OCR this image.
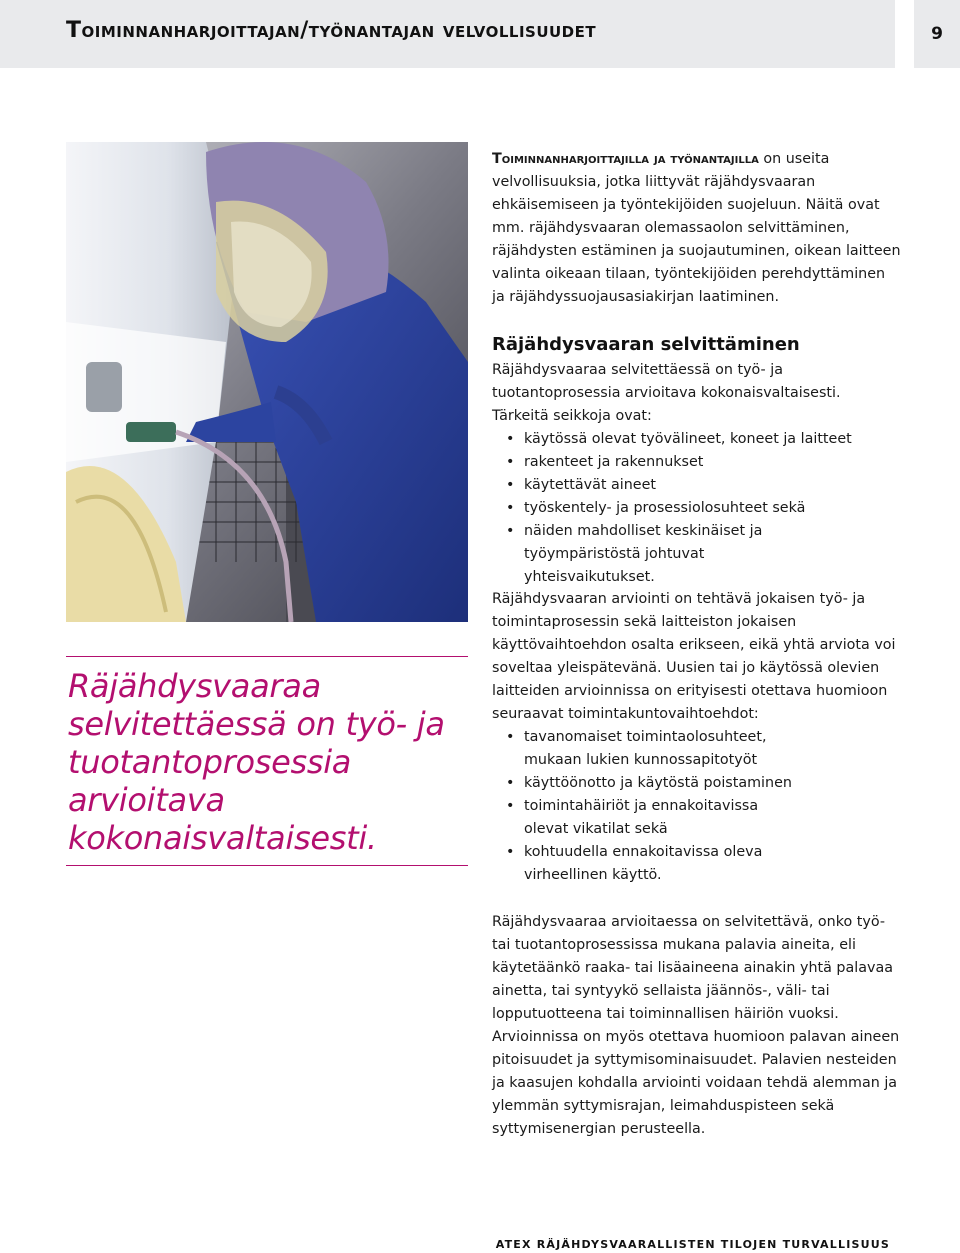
Toiminnanharjoittajan/työnantajan velvollisuudet	9
Räjähdysvaaraa selvitettäessä on työ- ja tuotantoprosessia arvioitava kokonaisvaltaisesti.

Toiminnanharjoittajilla ja työnantajilla on useita velvollisuuksia, jotka liittyvät räjähdysvaaran ehkäisemiseen ja työntekijöiden suojeluun. Näitä ovat mm. räjähdysvaaran olemassaolon selvittäminen, räjähdysten estäminen ja suojautuminen, oikean laitteen valinta oikeaan tilaan, työntekijöiden perehdyttäminen ja räjähdyssuojausasiakirjan laatiminen.

Räjähdysvaaran selvittäminen

Räjähdysvaaraa selvitettäessä on työ- ja tuotantoprosessia arvioitava kokonaisvaltaisesti.

Tärkeitä seikkoja ovat:

• käytössä olevat työvälineet, koneet ja laitteet
• rakenteet ja rakennukset
• käytettävät aineet
• työskentely- ja prosessiolosuhteet sekä
• näiden mahdolliset keskinäiset ja työympäristöstä johtuvat yhteisvaikutukset.

Räjähdysvaaran arviointi on tehtävä jokaisen työ- ja toimintaprosessin sekä laitteiston jokaisen käyttövaihtoehdon osalta erikseen, eikä yhtä arviota voi soveltaa yleispätevänä. Uusien tai jo käytössä olevien laitteiden arvioinnissa on erityisesti otettava huomioon seuraavat toimintakuntovaihtoehdot:

• tavanomaiset toimintaolosuhteet, mukaan lukien kunnossapitotyöt
• käyttöönotto ja käytöstä poistaminen
• toimintahäiriöt ja ennakoitavissa olevat vikatilat sekä
• kohtuudella ennakoitavissa oleva virheellinen käyttö.

Räjähdysvaaraa arvioitaessa on selvitettävä, onko työ- tai tuotantoprosessissa mukana palavia aineita, eli käytetäänkö raaka- tai lisäaineena ainakin yhtä palavaa ainetta, tai syntyykö sellaista jäännös-, väli- tai lopputuotteena tai toiminnallisen häiriön vuoksi. Arvioinnissa on myös otettava huomioon palavan aineen pitoisuudet ja syttymisominaisuudet. Palavien nesteiden ja kaasujen kohdalla arviointi voidaan tehdä alemman ja ylemmän syttymisrajan, leimahduspisteen sekä syttymisenergian perusteella.

ATEX RÄJÄHDYSVAARALLISTEN TILOJEN TURVALLISUUS
